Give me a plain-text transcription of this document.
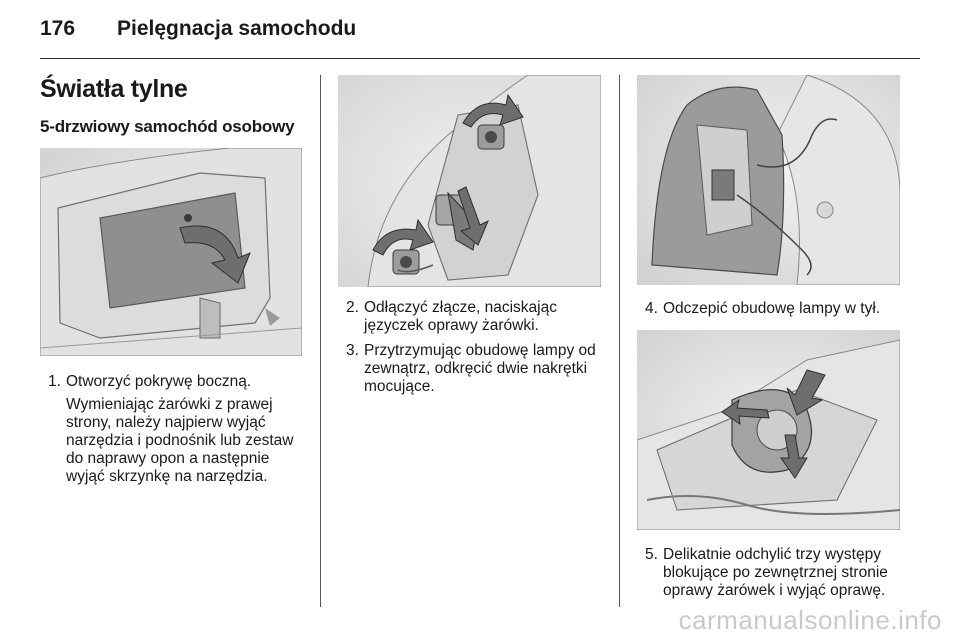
176 Pielęgnacja samochodu
Światła tylne
5-drzwiowy samochód osobowy
1. Otworzyć pokrywę boczną.
Wymieniając żarówki z prawej strony, należy najpierw wyjąć narzędzia i podnośnik lub zestaw do naprawy opon a następnie wyjąć skrzynkę na narzędzia.
2. Odłączyć złącze, naciskając języczek oprawy żarówki.
3. Przytrzymując obudowę lampy od zewnątrz, odkręcić dwie nakrętki mocujące.
4. Odczepić obudowę lampy w tył.
5. Delikatnie odchylić trzy występy blokujące po zewnętrznej stronie oprawy żarówek i wyjąć oprawę.
carmanualsonline.info
